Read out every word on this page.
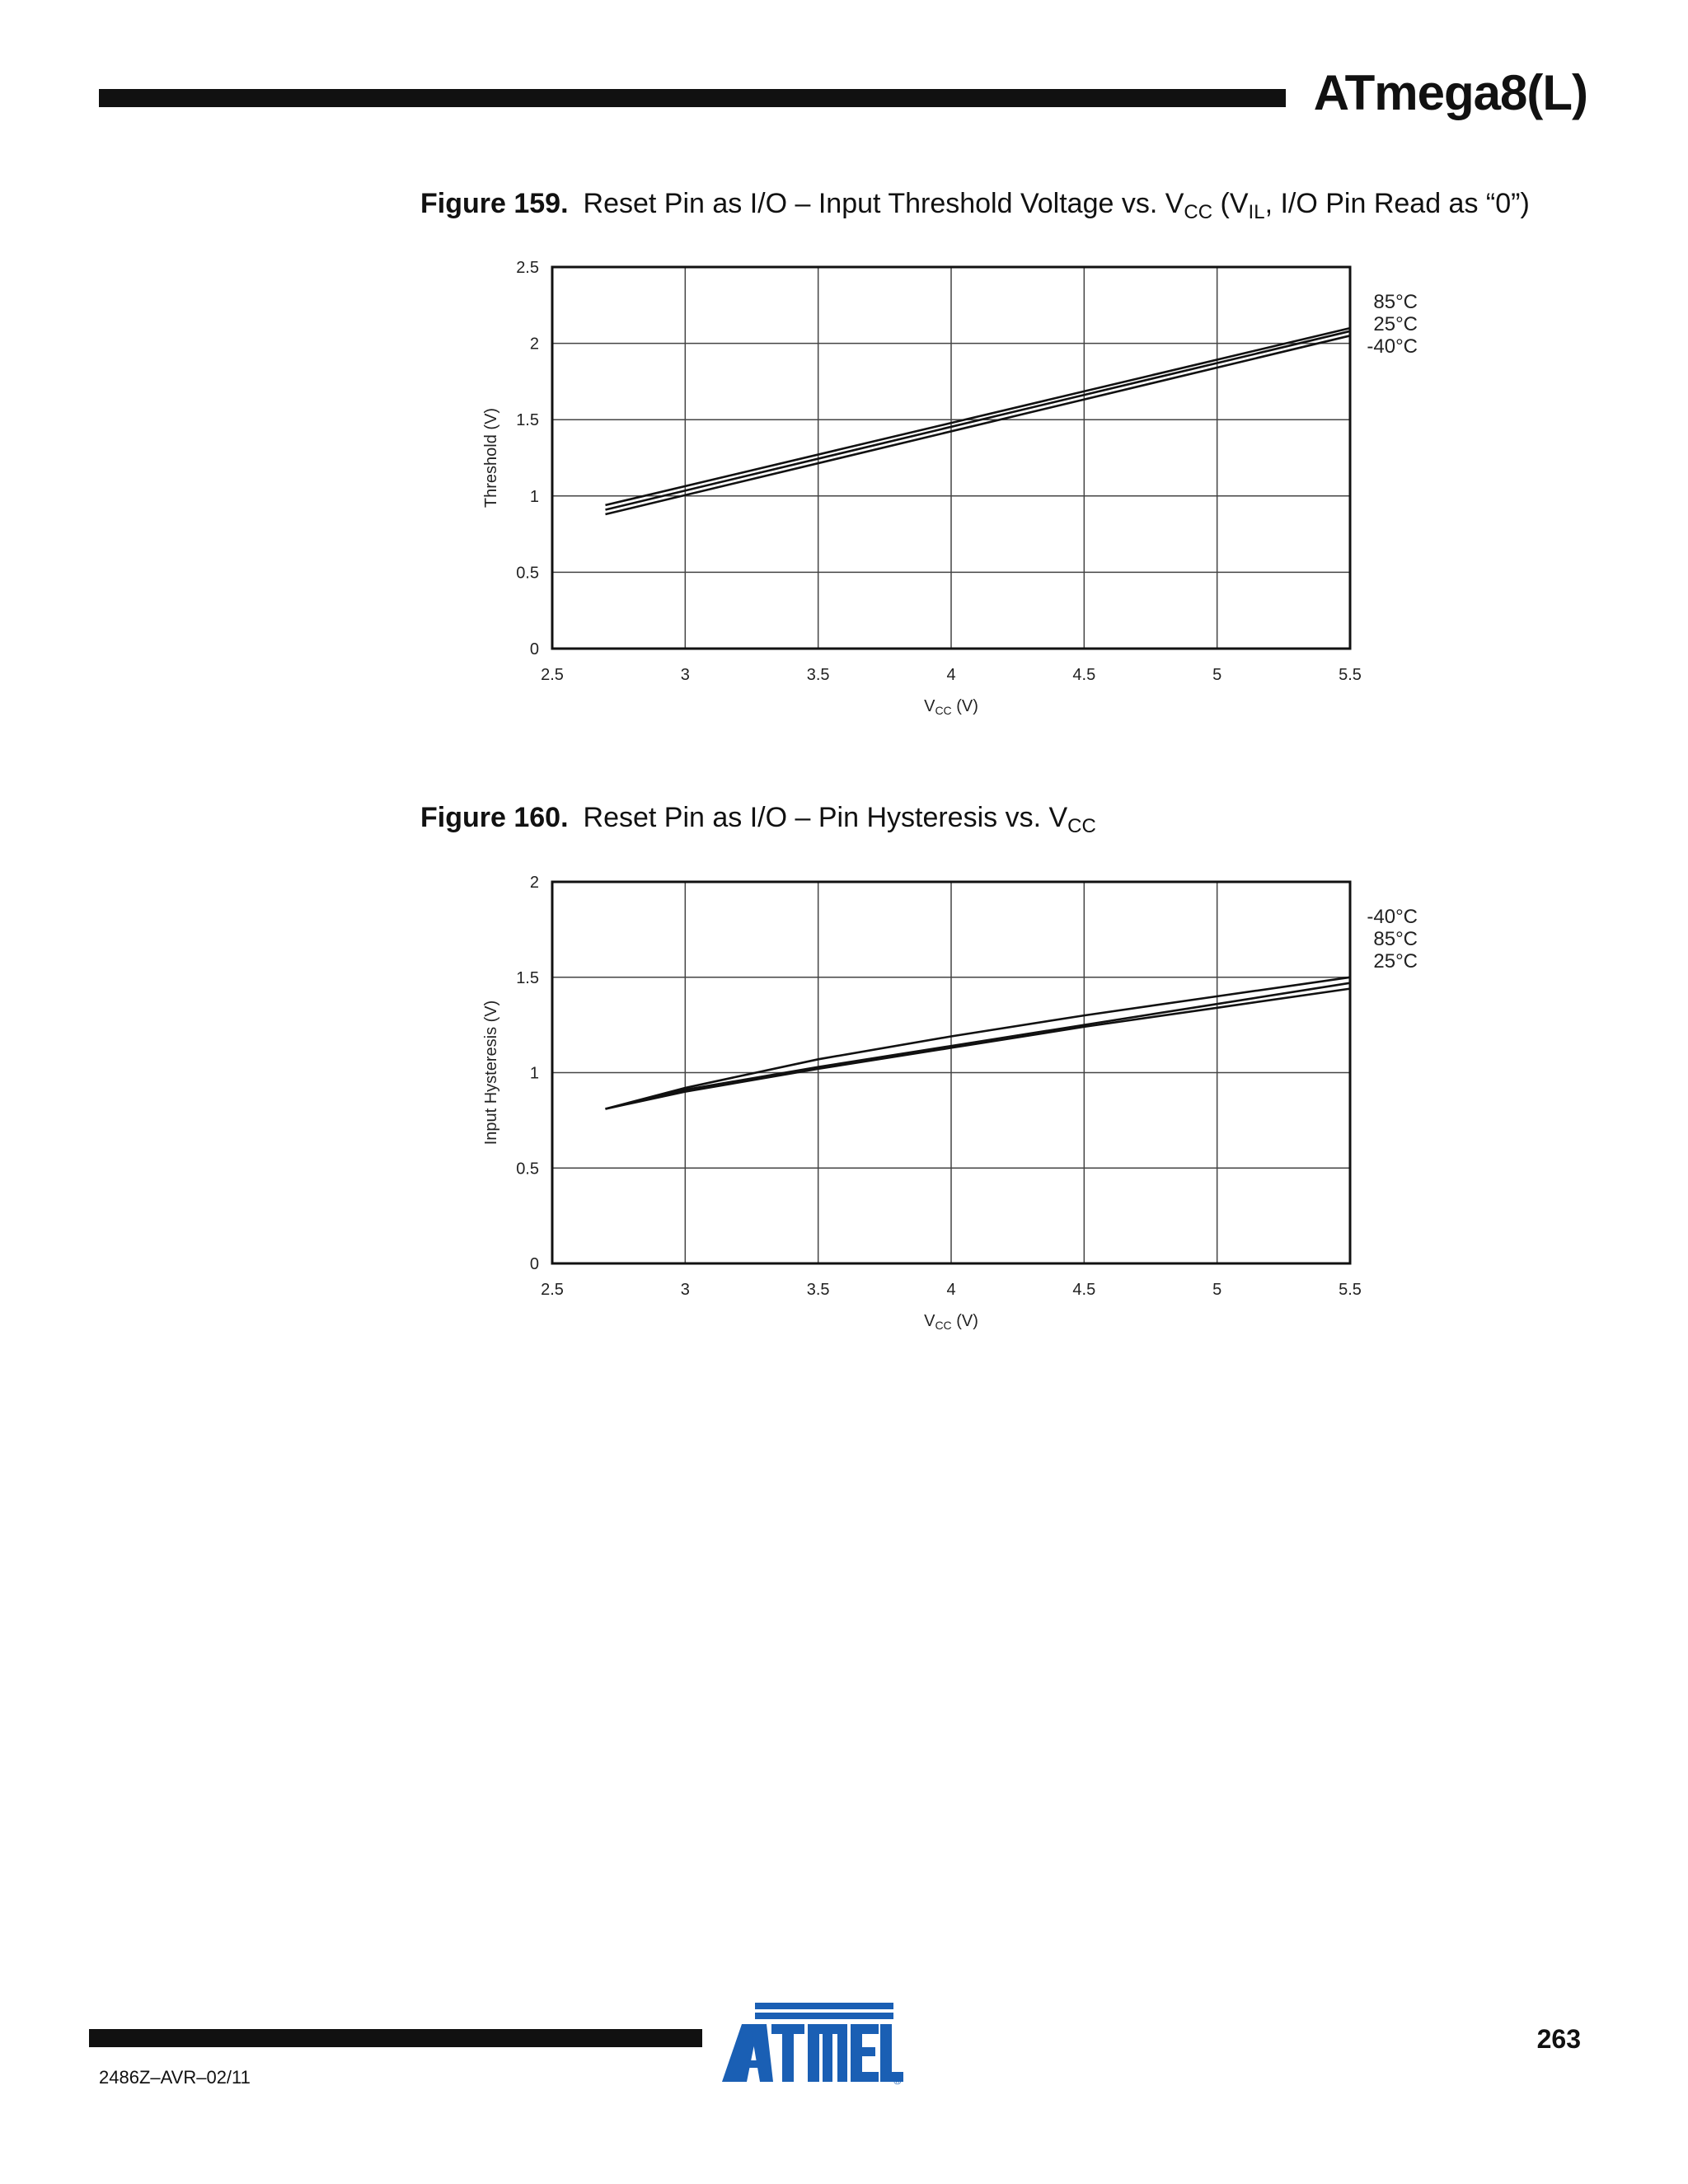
ATmega8(L)
Figure 159. Reset Pin as I/O – Input Threshold Voltage vs. $V_{CC}$ ($V_{IL}$, I/O Pin Read as “0”)
2.5	3	3.5	4	4.5	5	5.5
0
0.5
1
1.5
2
2.5
$V_{CC}$ (V)
Threshold (V)
85°C
25°C
-40°C
Figure 160. Reset Pin as I/O – Pin Hysteresis vs. $V_{CC}$
2.5	3	3.5	4	4.5	5	5.5
0
0.5
1
1.5
2
$V_{CC}$ (V)
Input Hysteresis (V)
-40°C
85°C
25°C
®
263
2486Z–AVR–02/11
